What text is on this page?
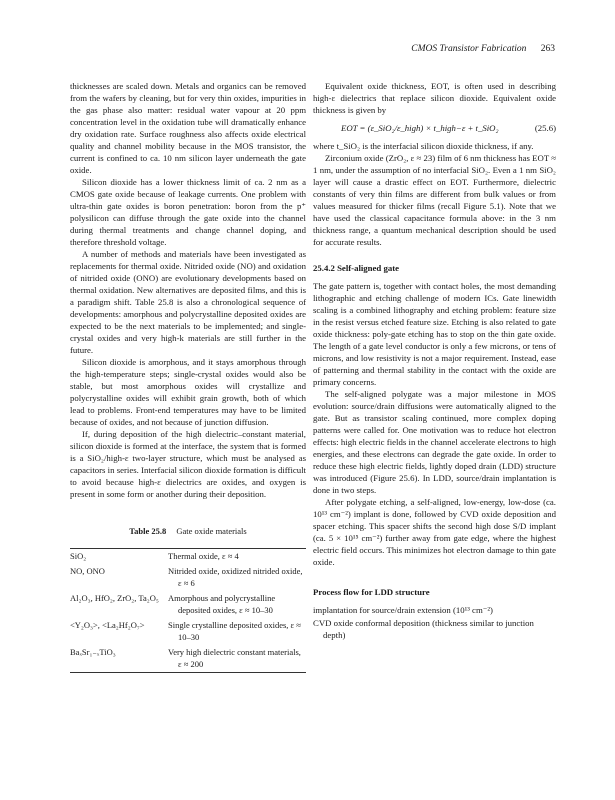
CMOS Transistor Fabrication 263

thicknesses are scaled down. Metals and organics can be removed from the wafers by cleaning, but for very thin oxides, impurities in the gas phase also matter: residual water vapour at 20 ppm concentration level in the oxidation tube will dramatically enhance dry oxidation rate. Surface roughness also affects oxide electrical quality and channel mobility because in the MOS transistor, the current is confined to ca. 10 nm silicon layer underneath the gate oxide.

Silicon dioxide has a lower thickness limit of ca. 2 nm as a CMOS gate oxide because of leakage currents. One problem with ultra-thin gate oxides is boron penetration: boron from the p⁺ polysilicon can diffuse through the gate oxide into the channel during thermal treatments and change channel doping, and therefore threshold voltage.

A number of methods and materials have been investigated as replacements for thermal oxide. Nitrided oxide (NO) and oxidation of nitrided oxide (ONO) are evolutionary developments based on thermal oxidation. New alternatives are deposited films, and this is a paradigm shift. Table 25.8 is also a chronological sequence of developments: amorphous and polycrystalline deposited oxides are expected to be the next materials to be implemented; and single-crystal oxides and very high-k materials are still further in the future.

Silicon dioxide is amorphous, and it stays amorphous through the high-temperature steps; single-crystal oxides would also be stable, but most amorphous oxides will crystallize and polycrystalline oxides will exhibit grain growth, both of which lead to problems. Front-end temperatures may have to be limited because of oxides, and not because of junction diffusion.

If, during deposition of the high dielectric–constant material, silicon dioxide is formed at the interface, the system that is formed is a SiO₂/high-ε two-layer structure, which must be analysed as capacitors in series. Interfacial silicon dioxide formation is difficult to avoid because high-ε dielectrics are oxides, and oxygen is present in some form or another during their deposition.

Table 25.8 Gate oxide materials
SiO₂	Thermal oxide, ε ≈ 4
NO, ONO	Nitrided oxide, oxidized nitrided oxide, ε ≈ 6
Al₂O₃, HfO₂, ZrO₂, Ta₂O₅	Amorphous and polycrystalline deposited oxides, ε ≈ 10–30
<Y₂O₃>, <La₂Hf₂O₇>	Single crystalline deposited oxides, ε ≈ 10–30
BaₓSr₁₋ₓTiO₃	Very high dielectric constant materials, ε ≈ 200

Equivalent oxide thickness, EOT, is often used in describing high-ε dielectrics that replace silicon dioxide. Equivalent oxide thickness is given by

EOT = (ε_SiO₂/ε_high) × t_high−ε + t_SiO₂	(25.6)

where t_SiO₂ is the interfacial silicon dioxide thickness, if any.

Zirconium oxide (ZrO₂, ε ≈ 23) film of 6 nm thickness has EOT ≈ 1 nm, under the assumption of no interfacial SiO₂. Even a 1 nm SiO₂ layer will cause a drastic effect on EOT. Furthermore, dielectric constants of very thin films are different from bulk values or from values measured for thicker films (recall Figure 5.1). Note that we have used the classical capacitance formula above: in the 3 nm thickness range, a quantum mechanical description should be used for accurate results.

25.4.2 Self-aligned gate

The gate pattern is, together with contact holes, the most demanding lithographic and etching challenge of modern ICs. Gate linewidth scaling is a combined lithography and etching problem: feature size in the resist versus etched feature size. Etching is also related to gate oxide thickness: poly-gate etching has to stop on the thin gate oxide. The length of a gate level conductor is only a few microns, or tens of microns, and low resistivity is not a major requirement. Instead, ease of patterning and thermal stability in the contact with the oxide are primary concerns.

The self-aligned polygate was a major milestone in MOS evolution: source/drain diffusions were automatically aligned to the gate. But as transistor scaling continued, more complex doping patterns were called for. One motivation was to reduce hot electron effects: high electric fields in the channel accelerate electrons to high energies, and these electrons can degrade the gate oxide. In order to reduce these high electric fields, lightly doped drain (LDD) structure was introduced (Figure 25.6). In LDD, source/drain implantation is done in two steps.

After polygate etching, a self-aligned, low-energy, low-dose (ca. 10¹³ cm⁻²) implant is done, followed by CVD oxide deposition and spacer etching. This spacer shifts the second high dose S/D implant (ca. 5 × 10¹⁵ cm⁻²) further away from gate edge, where the highest electric field occurs. This minimizes hot electron damage to thin gate oxide.

Process flow for LDD structure

implantation for source/drain extension (10¹³ cm⁻²)

CVD oxide conformal deposition (thickness similar to junction depth)
